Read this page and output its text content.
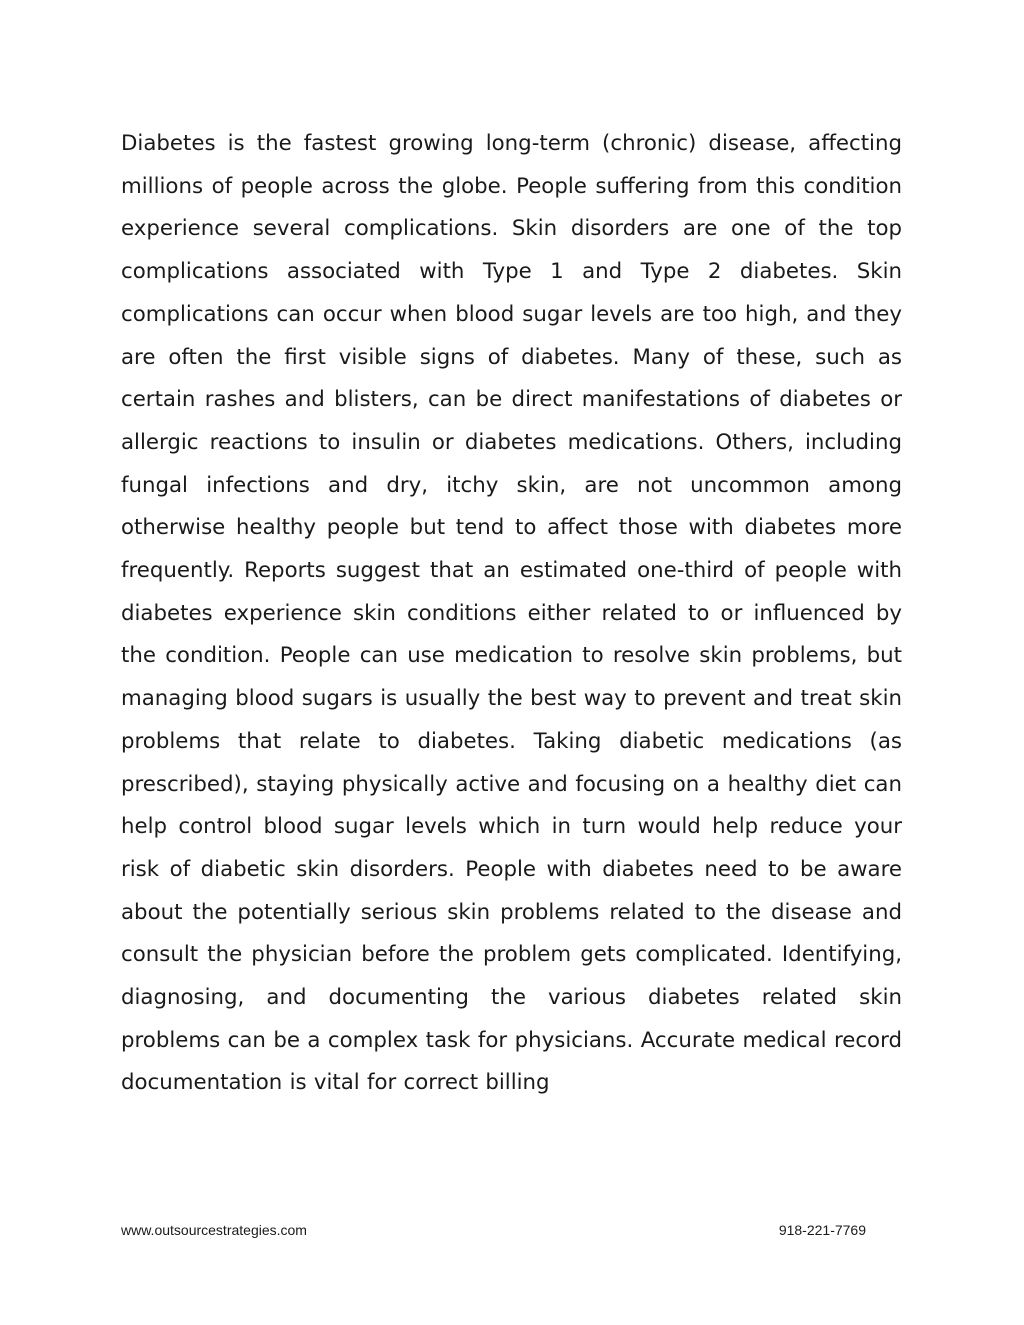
Diabetes is the fastest growing long-term (chronic) disease, affecting millions of people across the globe. People suffering from this condition experience several complications. Skin disorders are one of the top complications associated with Type 1 and Type 2 diabetes. Skin complications can occur when blood sugar levels are too high, and they are often the first visible signs of diabetes. Many of these, such as certain rashes and blisters, can be direct manifestations of diabetes or allergic reactions to insulin or diabetes medications. Others, including fungal infections and dry, itchy skin, are not uncommon among otherwise healthy people but tend to affect those with diabetes more frequently. Reports suggest that an estimated one-third of people with diabetes experience skin conditions either related to or influenced by the condition. People can use medication to resolve skin problems, but managing blood sugars is usually the best way to prevent and treat skin problems that relate to diabetes. Taking diabetic medications (as prescribed), staying physically active and focusing on a healthy diet can help control blood sugar levels which in turn would help reduce your risk of diabetic skin disorders. People with diabetes need to be aware about the potentially serious skin problems related to the disease and consult the physician before the problem gets complicated. Identifying, diagnosing, and documenting the various diabetes related skin problems can be a complex task for physicians. Accurate medical record documentation is vital for correct billing

www.outsourcestrategies.com	918-221-7769
